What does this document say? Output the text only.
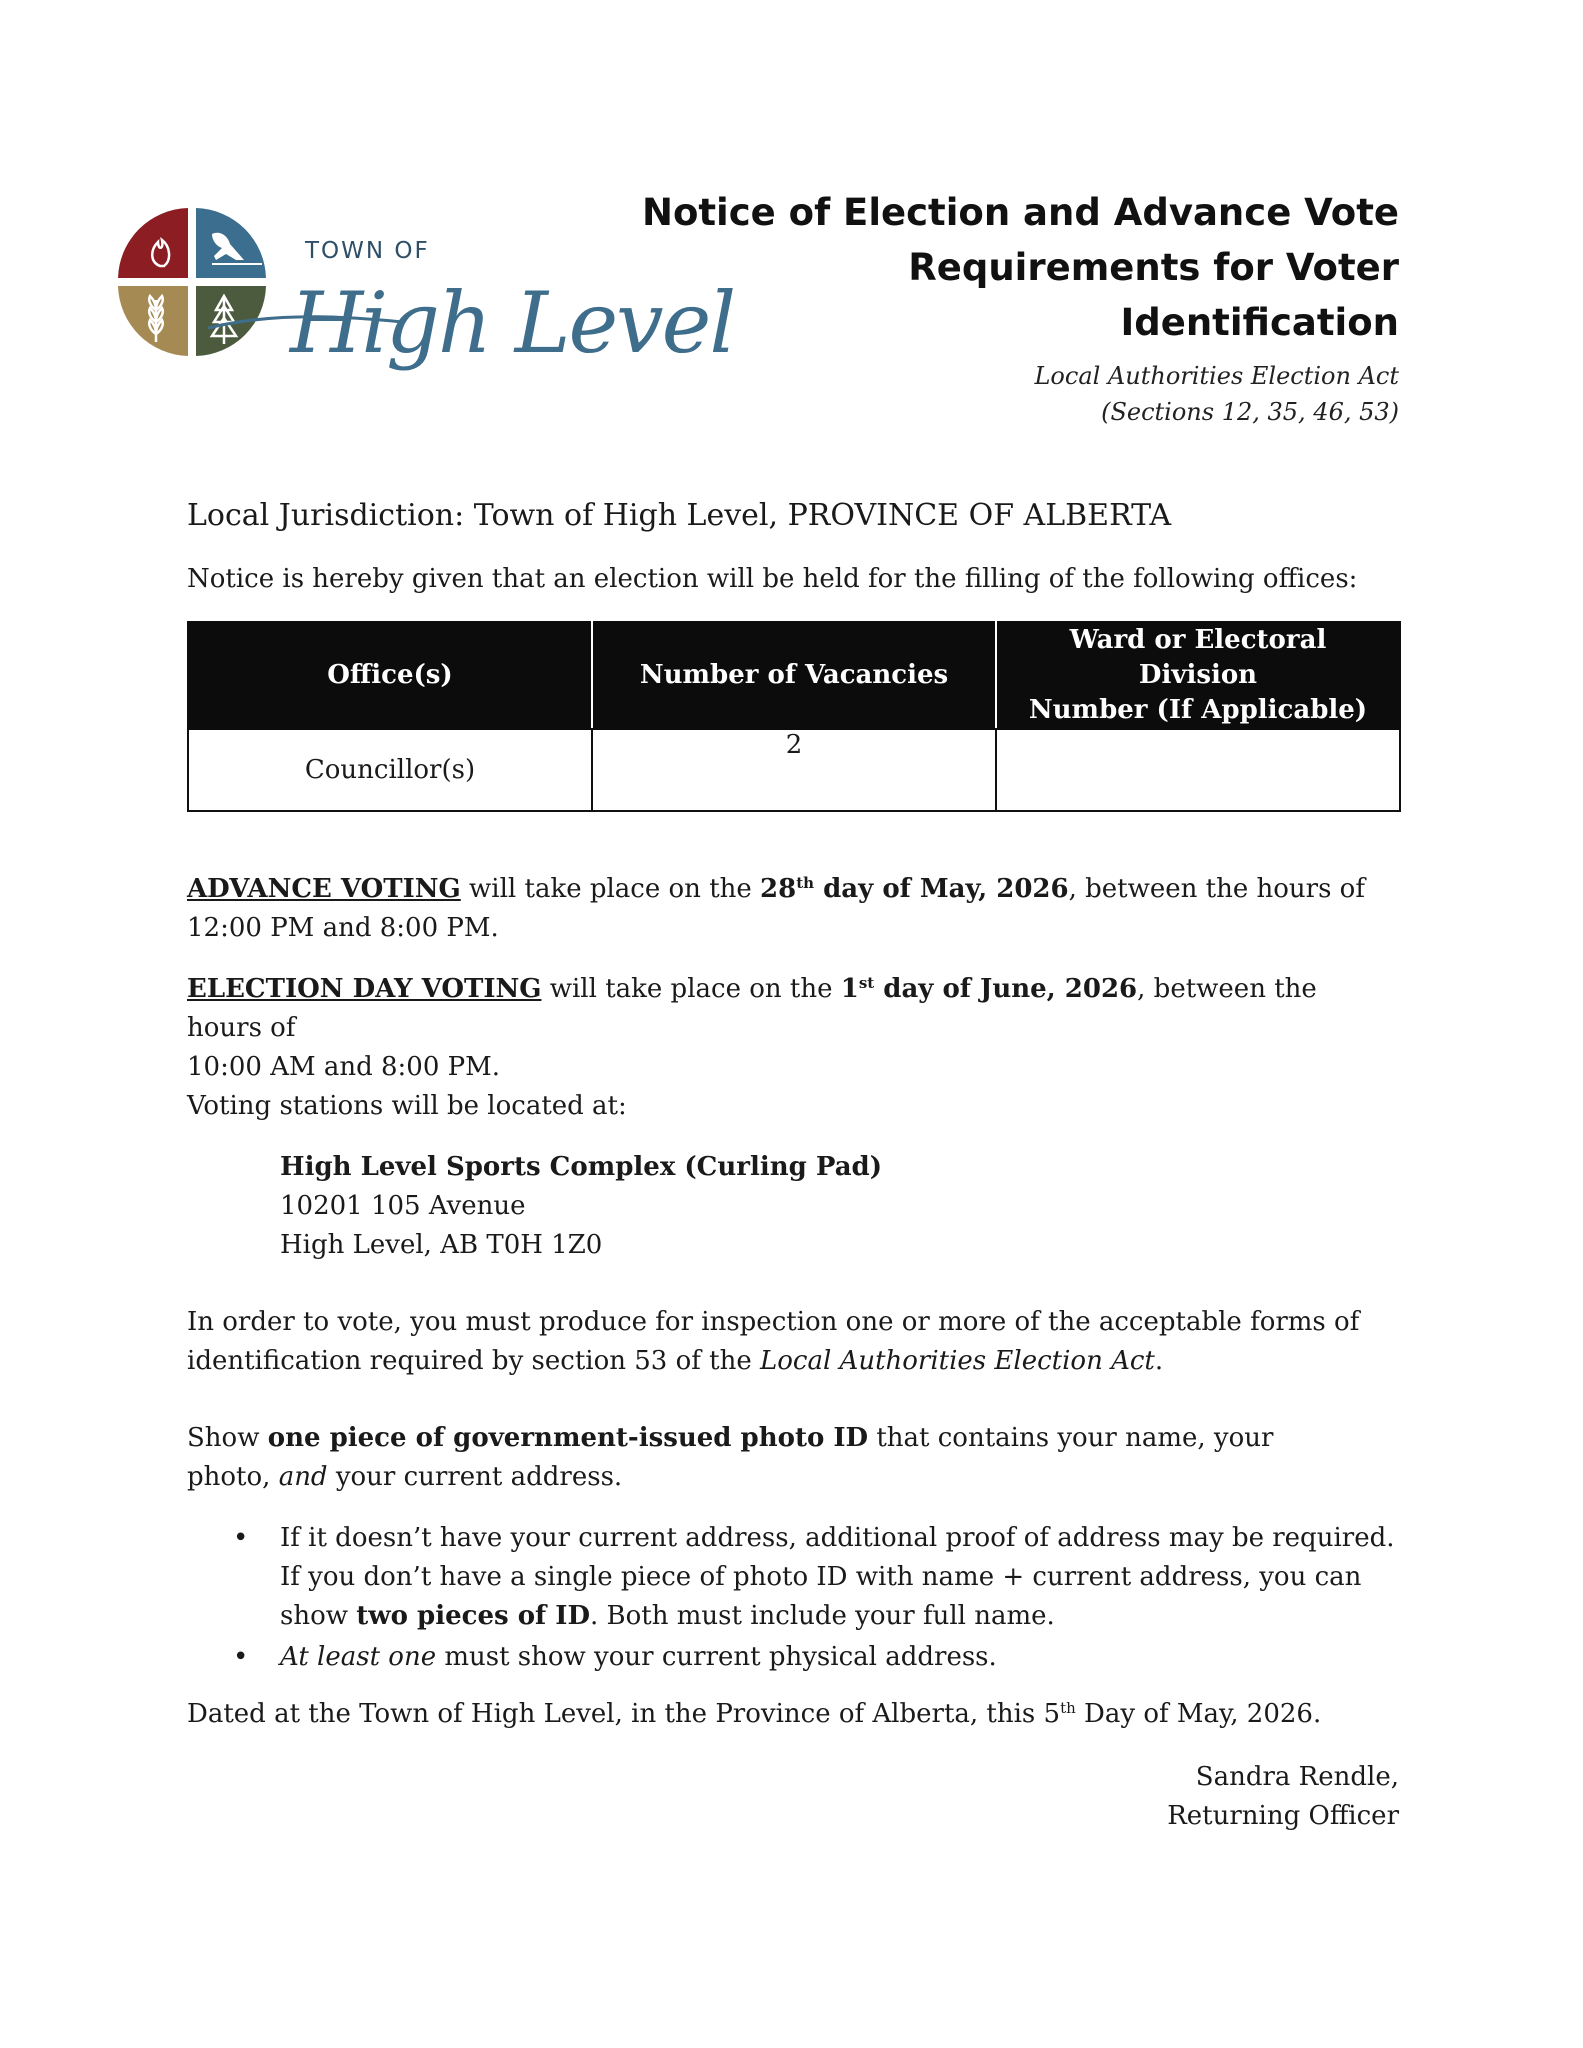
TOWN OF
High Level
Notice of Election and Advance Vote
Requirements for Voter
Identification
Local Authorities Election Act
(Sections 12, 35, 46, 53)
Local Jurisdiction: Town of High Level, PROVINCE OF ALBERTA

Notice is hereby given that an election will be held for the filling of the following offices:

Office(s)	Number of Vacancies	Ward or Electoral Division
Number (If Applicable)

Councillor(s)	2	

ADVANCE VOTING will take place on the 28th day of May, 2026, between the hours of
12:00 PM and 8:00 PM.

ELECTION DAY VOTING will take place on the 1st day of June, 2026, between the hours of
10:00 AM and 8:00 PM.
Voting stations will be located at:

High Level Sports Complex (Curling Pad)
10201 105 Avenue
High Level, AB T0H 1Z0

In order to vote, you must produce for inspection one or more of the acceptable forms of identification required by section 53 of the Local Authorities Election Act.

Show one piece of government-issued photo ID that contains your name, your
photo, and your current address.

• If it doesn’t have your current address, additional proof of address may be required.
If you don’t have a single piece of photo ID with name + current address, you can
show two pieces of ID. Both must include your full name.
• At least one must show your current physical address.

Dated at the Town of High Level, in the Province of Alberta, this 5th Day of May, 2026.

Sandra Rendle,

Returning Officer
